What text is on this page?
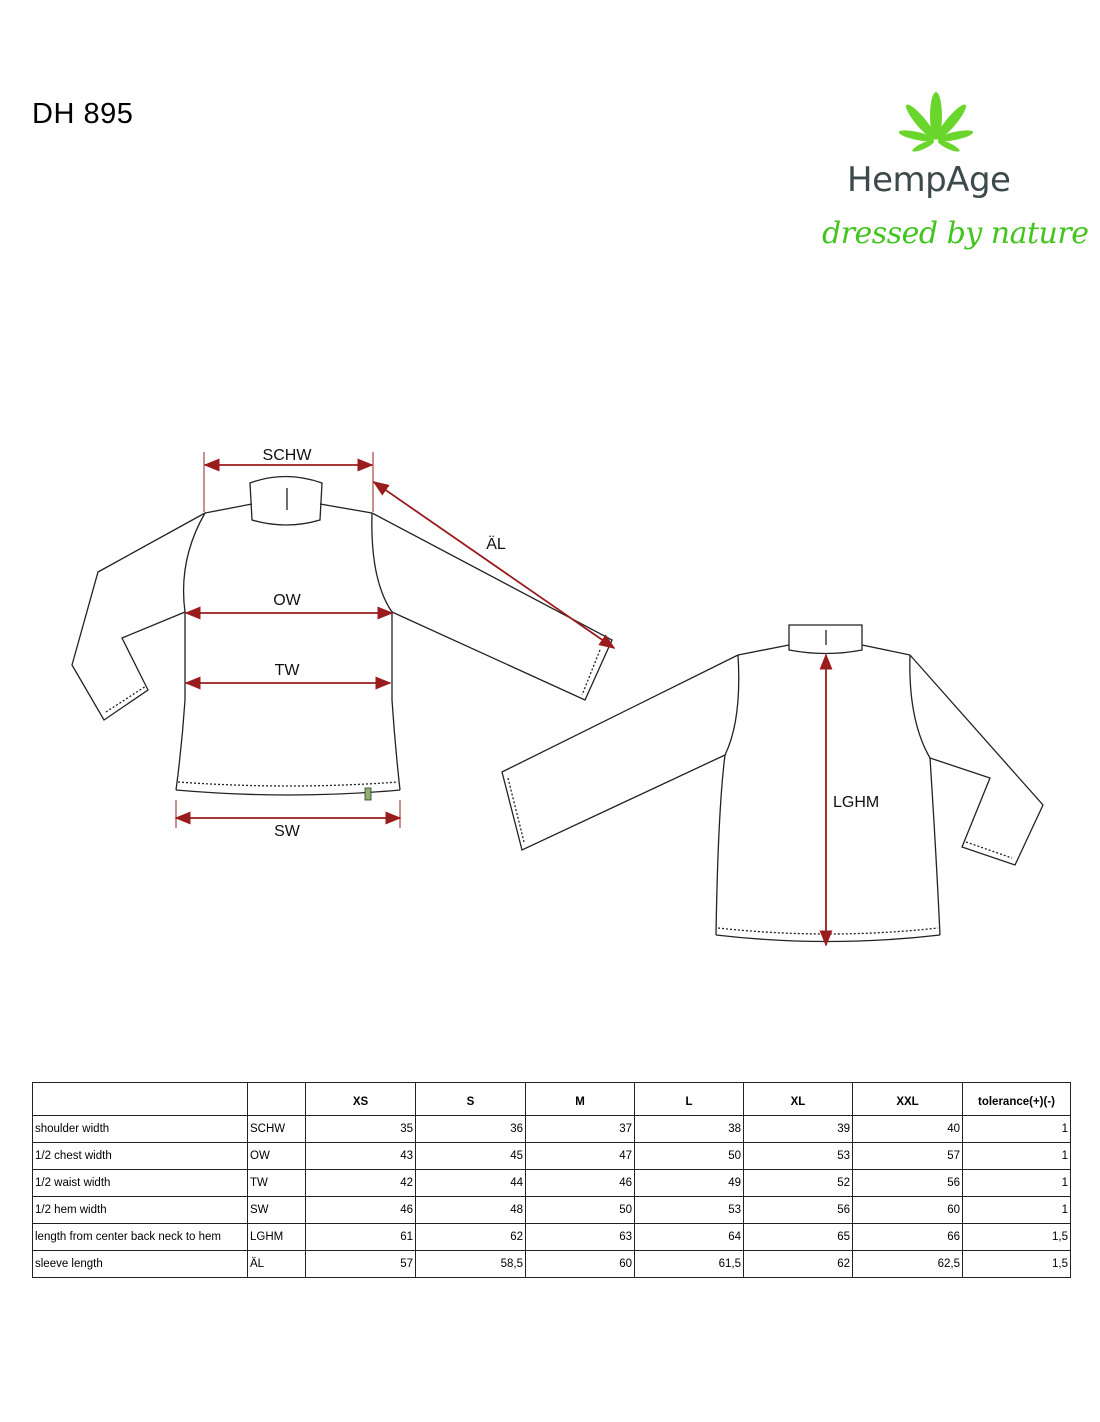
DH 895
HempAge
dressed by nature
SCHW
ÄL
OW
TW
SW
LGHM
		XS	S	M	L	XL	XXL	tolerance(+)(-)
shoulder width	SCHW	35	36	37	38	39	40	1
1/2 chest width	OW	43	45	47	50	53	57	1
1/2 waist width	TW	42	44	46	49	52	56	1
1/2 hem width	SW	46	48	50	53	56	60	1
length from center back neck to hem	LGHM	61	62	63	64	65	66	1,5
sleeve length	ÄL	57	58,5	60	61,5	62	62,5	1,5
